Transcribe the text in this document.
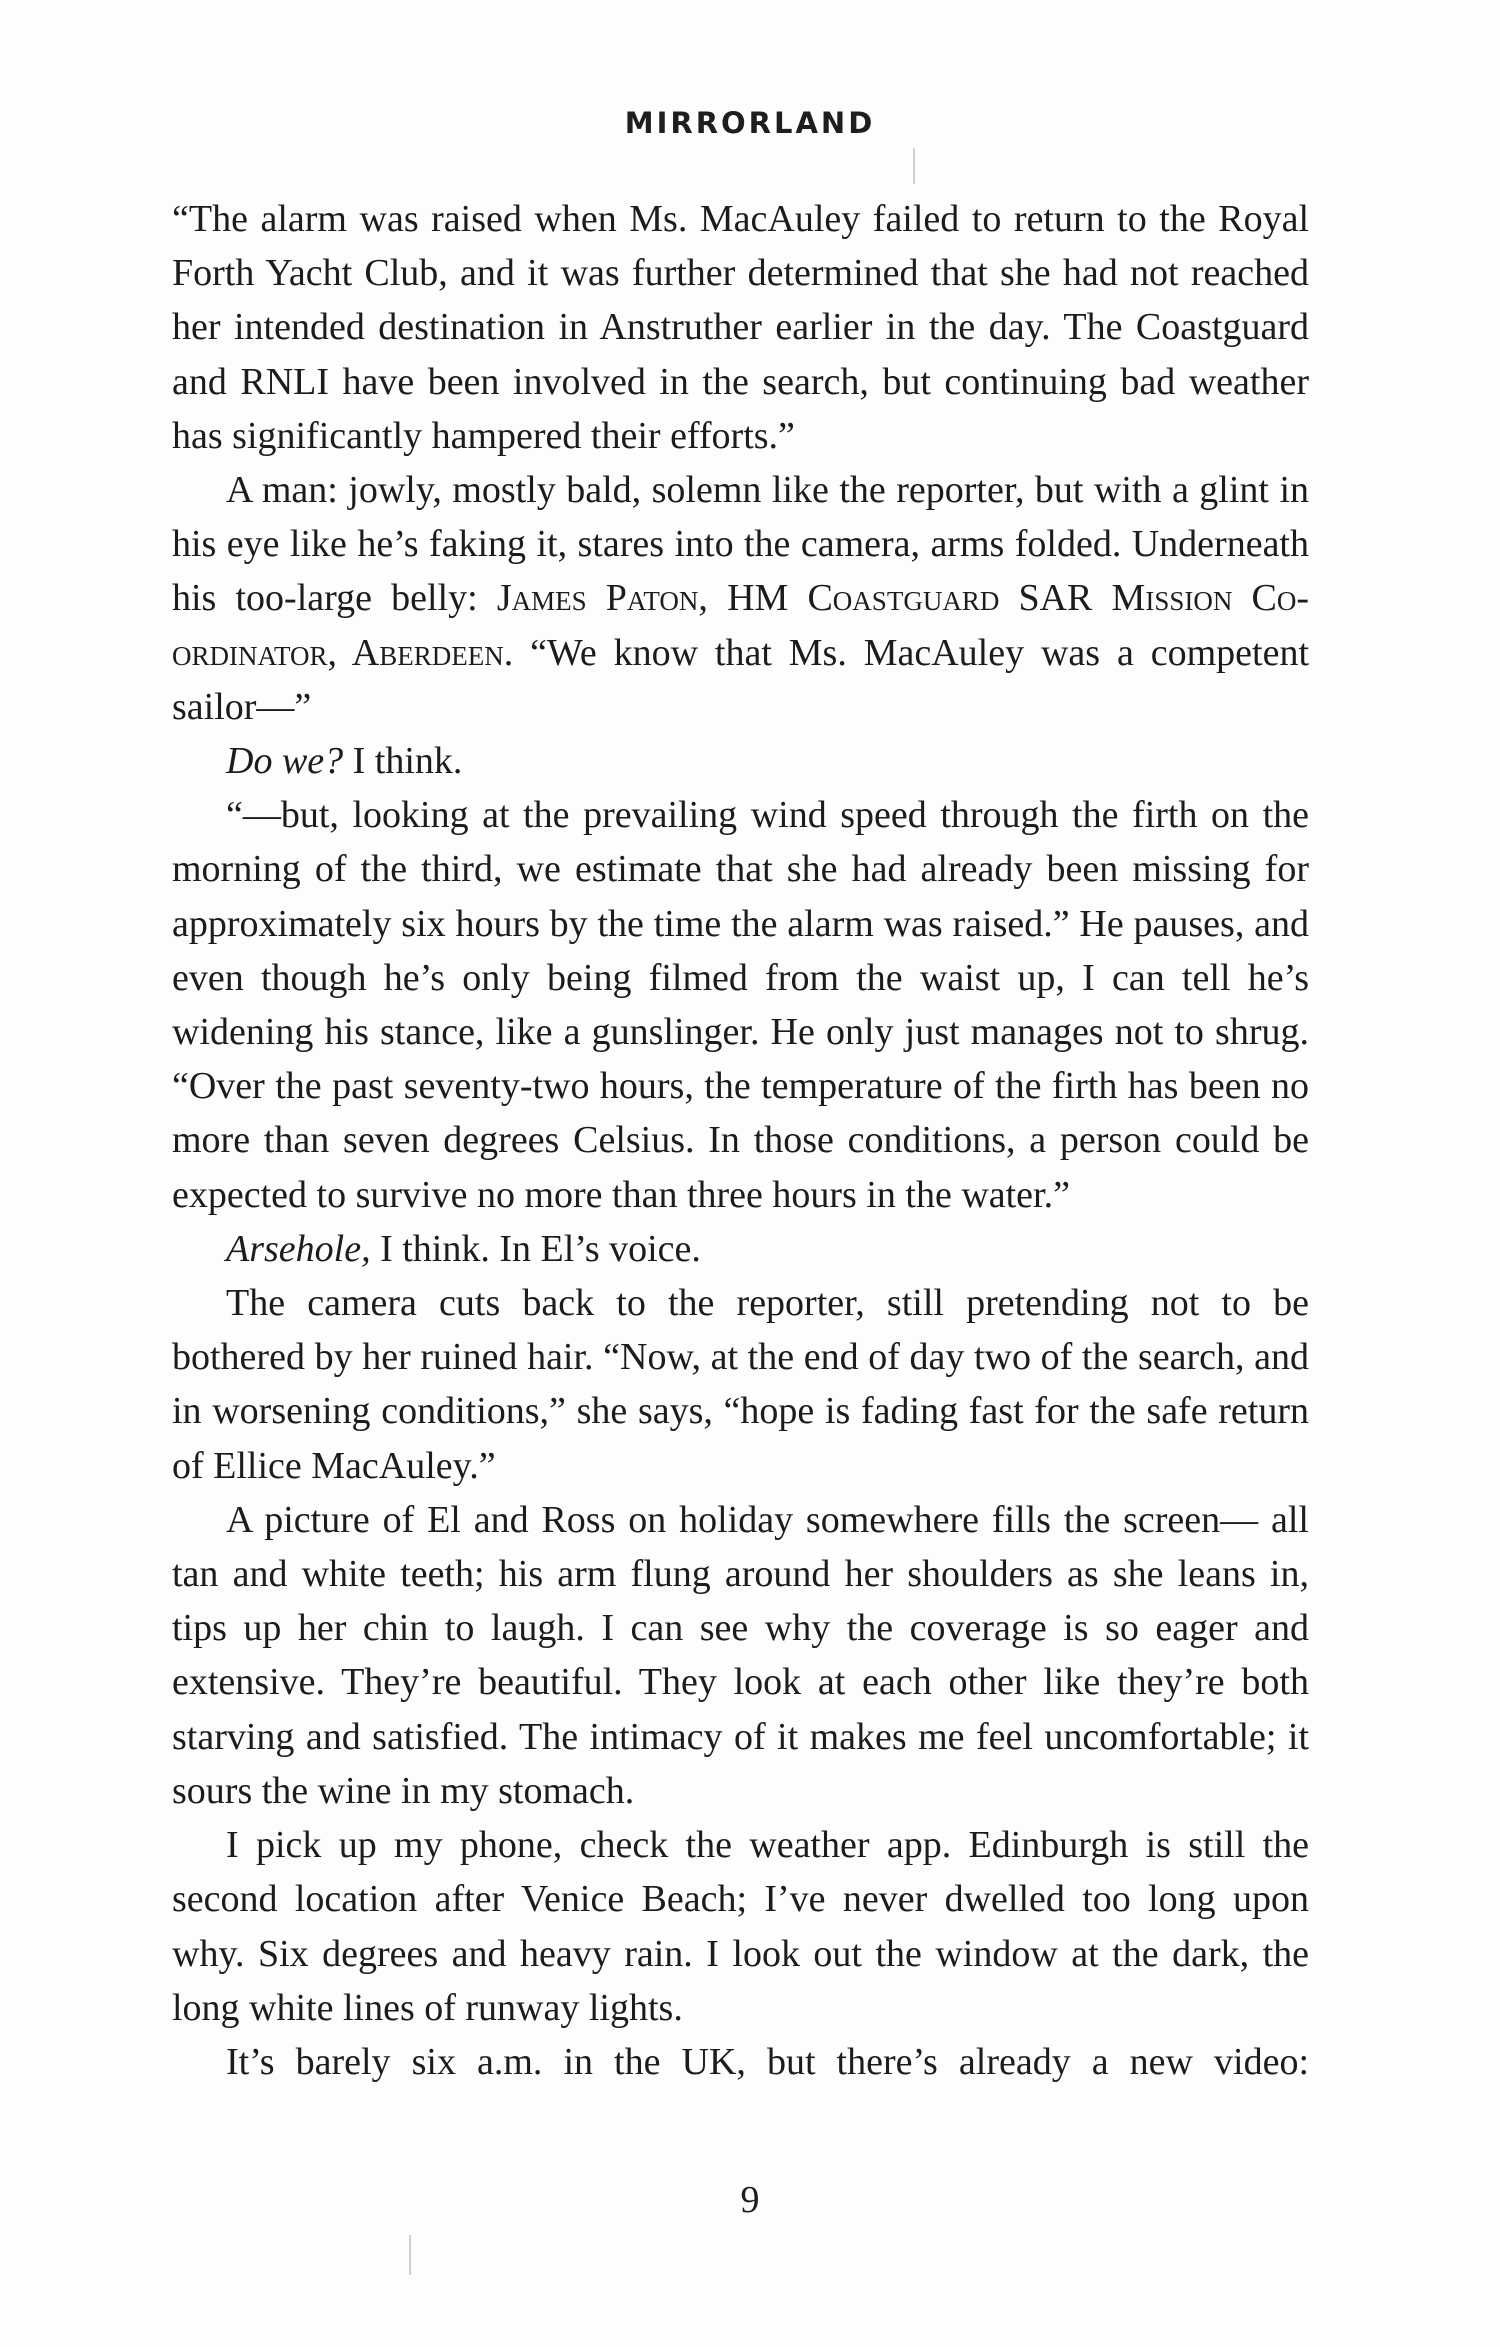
MIRRORLAND

“The alarm was raised when Ms. MacAuley failed to return to the Royal Forth Yacht Club, and it was further determined that she had not reached her intended destination in Anstruther earlier in the day. The Coastguard and RNLI have been involved in the search, but continuing bad weather has significantly hampered their efforts.”

A man: jowly, mostly bald, solemn like the reporter, but with a glint in his eye like he’s faking it, stares into the camera, arms folded. Underneath his too-large belly: James Paton, HM Coastguard SAR Mission Co-ordinator, Aberdeen. “We know that Ms. MacAuley was a competent sailor—”

Do we? I think.

“—but, looking at the prevailing wind speed through the firth on the morning of the third, we estimate that she had already been missing for approximately six hours by the time the alarm was raised.” He pauses, and even though he’s only being filmed from the waist up, I can tell he’s widening his stance, like a gunslinger. He only just manages not to shrug. “Over the past seventy-two hours, the temperature of the firth has been no more than seven degrees Celsius. In those conditions, a person could be expected to survive no more than three hours in the water.”

Arsehole, I think. In El’s voice.

The camera cuts back to the reporter, still pretending not to be bothered by her ruined hair. “Now, at the end of day two of the search, and in worsening conditions,” she says, “hope is fading fast for the safe return of Ellice MacAuley.”

A picture of El and Ross on holiday somewhere fills the screen— all tan and white teeth; his arm flung around her shoulders as she leans in, tips up her chin to laugh. I can see why the coverage is so eager and extensive. They’re beautiful. They look at each other like they’re both starving and satisfied. The intimacy of it makes me feel uncomfortable; it sours the wine in my stomach.

I pick up my phone, check the weather app. Edinburgh is still the second location after Venice Beach; I’ve never dwelled too long upon why. Six degrees and heavy rain. I look out the window at the dark, the long white lines of runway lights.

It’s barely six a.m. in the UK, but there’s already a new video:

9
